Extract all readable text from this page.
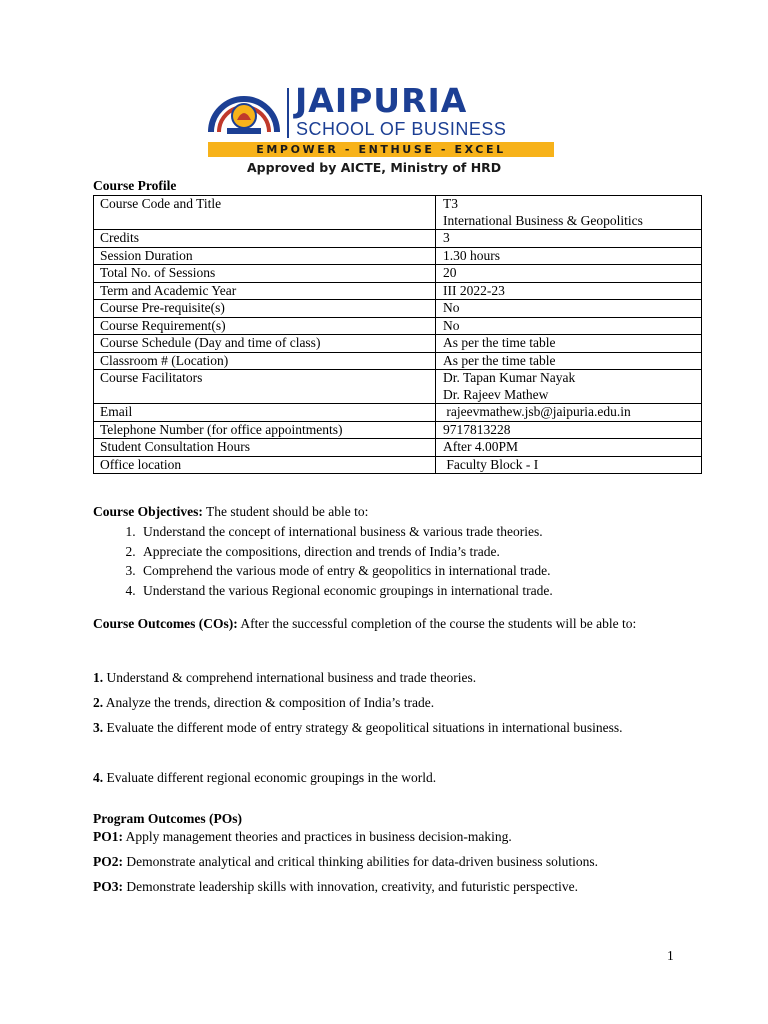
JAIPURIA
SCHOOL OF BUSINESS
EMPOWER - ENTHUSE - EXCEL
Approved by AICTE, Ministry of HRD
Course Profile
Course Code and Title	T3
International Business & Geopolitics

Credits	3

Session Duration	1.30 hours

Total No. of Sessions	20

Term and Academic Year	III 2022-23

Course Pre-requisite(s)	No

Course Requirement(s)	No

Course Schedule (Day and time of class)	As per the time table

Classroom # (Location)	As per the time table

Course Facilitators	Dr. Tapan Kumar Nayak
Dr. Rajeev Mathew

Email	rajeevmathew.jsb@jaipuria.edu.in

Telephone Number (for office appointments)	9717813228

Student Consultation Hours	After 4.00PM

Office location	Faculty Block - I
Course Objectives: The student should be able to:
1. Understand the concept of international business & various trade theories.
2. Appreciate the compositions, direction and trends of India’s trade.
3. Comprehend the various mode of entry & geopolitics in international trade.
4. Understand the various Regional economic groupings in international trade.
Course Outcomes (COs): After the successful completion of the course the students will be able to:
1. Understand & comprehend international business and trade theories.
2. Analyze the trends, direction & composition of India’s trade.
3. Evaluate the different mode of entry strategy & geopolitical situations in international business.
4. Evaluate different regional economic groupings in the world.
Program Outcomes (POs)
PO1: Apply management theories and practices in business decision-making.
PO2: Demonstrate analytical and critical thinking abilities for data-driven business solutions.
PO3: Demonstrate leadership skills with innovation, creativity, and futuristic perspective.
1
